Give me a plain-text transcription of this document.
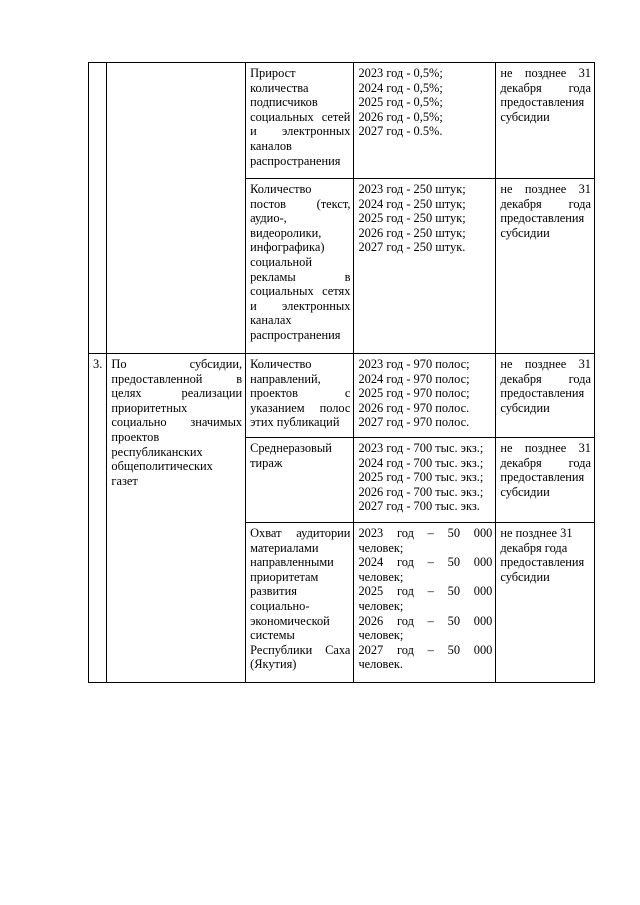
		Прирост количества подписчиков социальных сетей и электронных каналов распространения	2023 год - 0,5%;
2024 год - 0,5%;
2025 год - 0,5%;
2026 год - 0,5%;
2027 год - 0.5%.	не позднее 31 декабря года предоставления субсидии
		Количество постов (текст, аудио-, видеоролики, инфографика) социальной рекламы в социальных сетях и электронных каналах распространения	2023 год - 250 штук;
2024 год - 250 штук;
2025 год - 250 штук;
2026 год - 250 штук;
2027 год - 250 штук.	не позднее 31 декабря года предоставления субсидии
3.	По субсидии, предоставленной в целях реализации приоритетных социально значимых проектов республиканских общеполитических газет	Количество направлений, проектов с указанием полос этих публикаций	2023 год - 970 полос;
2024 год - 970 полос;
2025 год - 970 полос;
2026 год - 970 полос.
2027 год - 970 полос.	не позднее 31 декабря года предоставления субсидии
		Среднеразовый тираж	2023 год - 700 тыс. экз.;
2024 год - 700 тыс. экз.;
2025 год - 700 тыс. экз.;
2026 год - 700 тыс. экз.;
2027 год - 700 тыс. экз.	не позднее 31 декабря года предоставления субсидии
		Охват аудитории материалами направленными приоритетам развития социально-экономической системы Республики Саха (Якутия)	2023 год – 50 000 человек;
2024 год – 50 000 человек;
2025 год – 50 000 человек;
2026 год – 50 000 человек;
2027 год – 50 000 человек.	не позднее 31 декабря года предоставления субсидии
